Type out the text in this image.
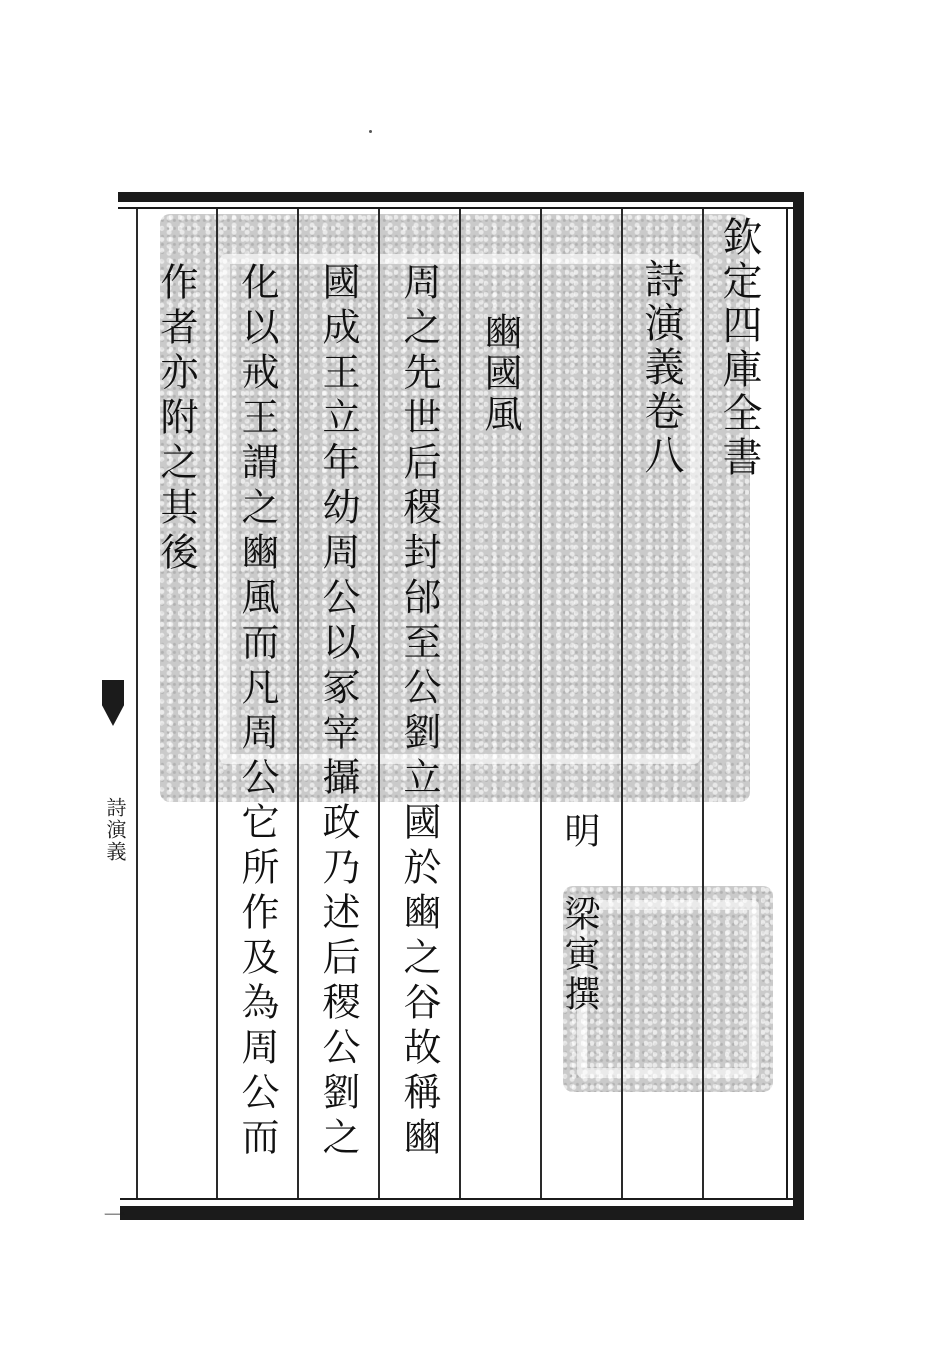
詩演義
一
欽定四庫全書
詩演義卷八
豳國風
明
梁寅撰
周之先世后稷封邰至公劉立國於豳之谷故稱豳
國成王立年幼周公以冢宰攝政乃述后稷公劉之
化以戒王謂之豳風而凡周公它所作及為周公而
作者亦附之其後
